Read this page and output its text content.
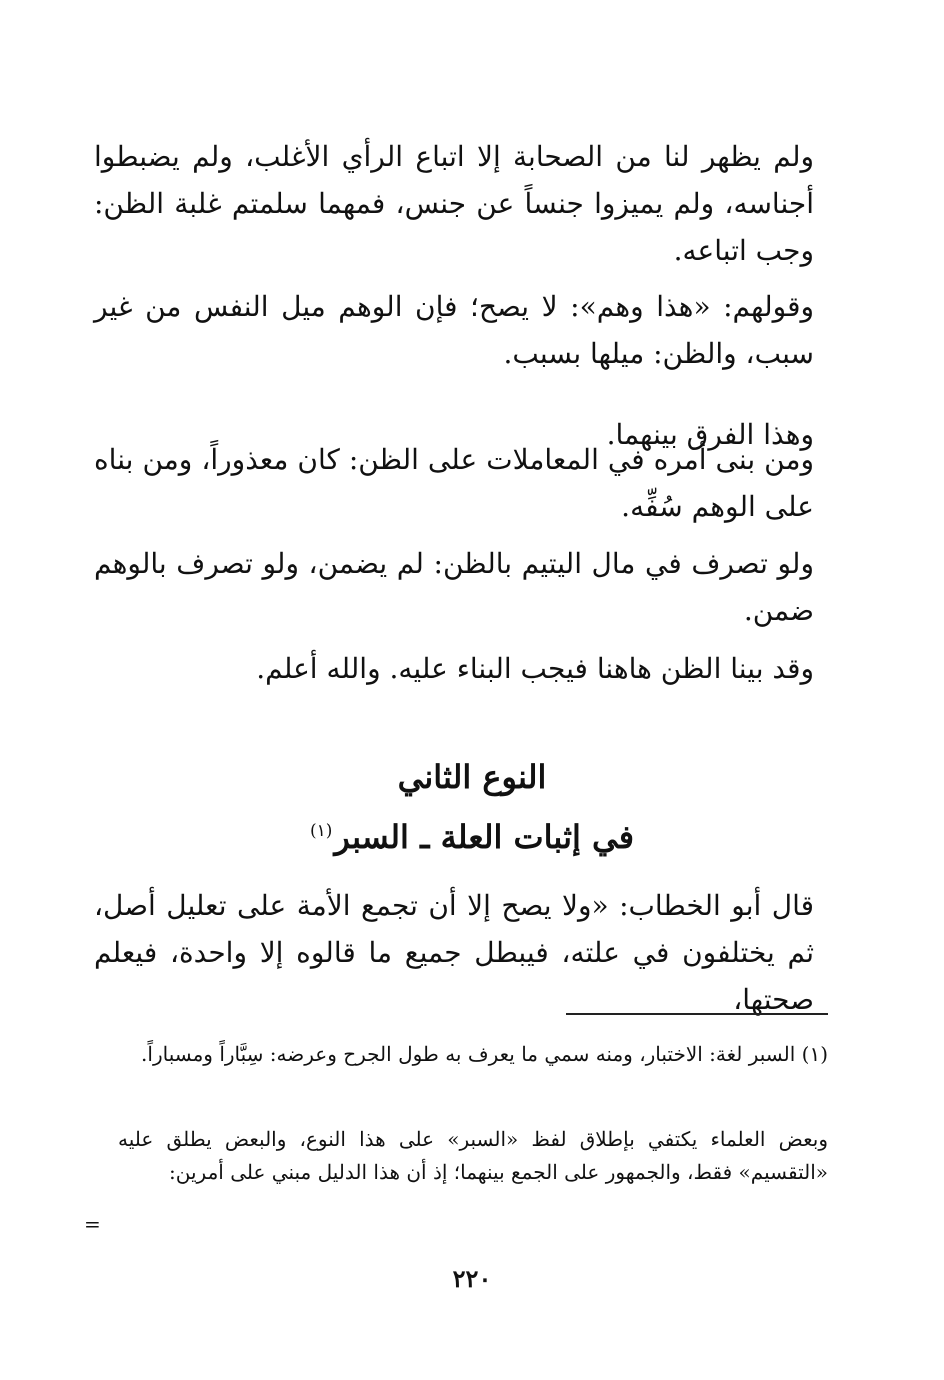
ولم يظهر لنا من الصحابة إلا اتباع الرأي الأغلب، ولم يضبطوا أجناسه، ولم يميزوا جنساً عن جنس، فمهما سلمتم غلبة الظن: وجب اتباعه.

وقولهم: «هذا وهم»: لا يصح؛ فإن الوهم ميل النفس من غير سبب، والظن: ميلها بسبب.

وهذا الفرق بينهما.

ومن بنى أمره في المعاملات على الظن: كان معذوراً، ومن بناه على الوهم سُفِّه.

ولو تصرف في مال اليتيم بالظن: لم يضمن، ولو تصرف بالوهم ضمن.

وقد بينا الظن هاهنا فيجب البناء عليه. والله أعلم.

النوع الثاني
في إثبات العلة ـ السبر$^{(١)}$

قال أبو الخطاب: «ولا يصح إلا أن تجمع الأمة على تعليل أصل، ثم يختلفون في علته، فيبطل جميع ما قالوه إلا واحدة، فيعلم صحتها،

(١) السبر لغة: الاختبار، ومنه سمي ما يعرف به طول الجرح وعرضه: سِبَّاراً ومسباراً.

وبعض العلماء يكتفي بإطلاق لفظ «السبر» على هذا النوع، والبعض يطلق عليه «التقسيم» فقط، والجمهور على الجمع بينهما؛ إذ أن هذا الدليل مبني على أمرين:

=

٢٢٠
